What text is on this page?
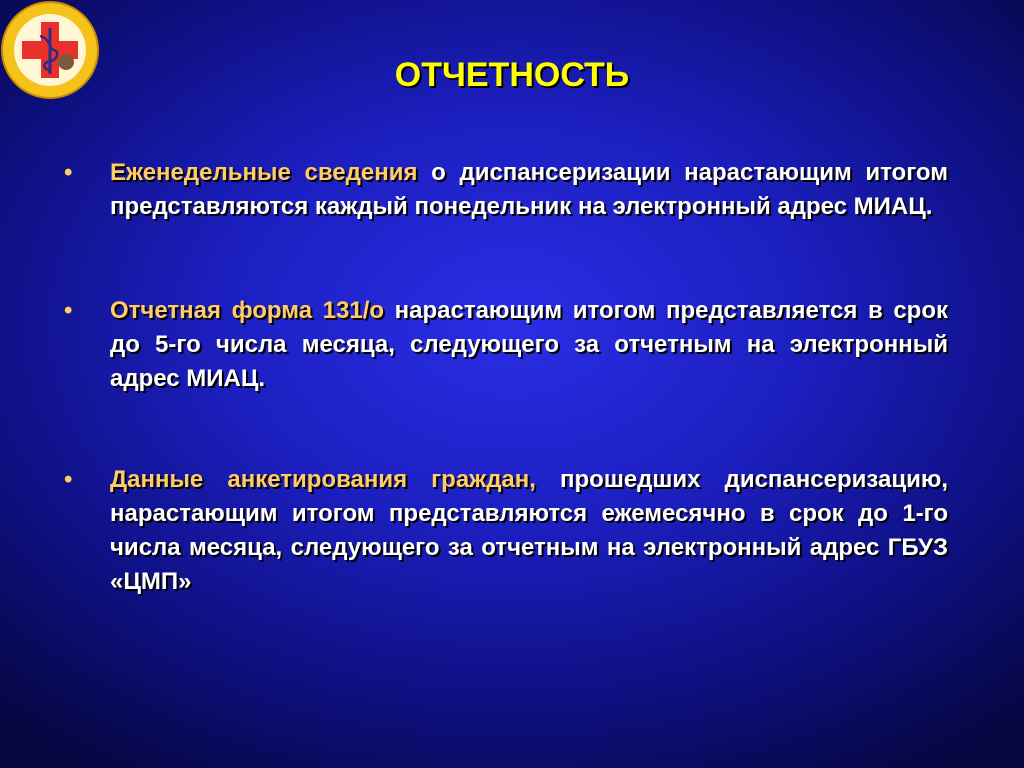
ОТЧЕТНОСТЬ
•	Еженедельные сведения о диспансеризации нарастающим итогом представляются каждый понедельник на электронный адрес МИАЦ.

•	Отчетная форма 131/о нарастающим итогом представляется в срок до 5-го числа месяца, следующего за отчетным на электронный адрес МИАЦ.

•	Данные анкетирования граждан, прошедших диспансеризацию, нарастающим итогом представляются ежемесячно в срок до 1-го числа месяца, следующего за отчетным на электронный адрес ГБУЗ «ЦМП»
